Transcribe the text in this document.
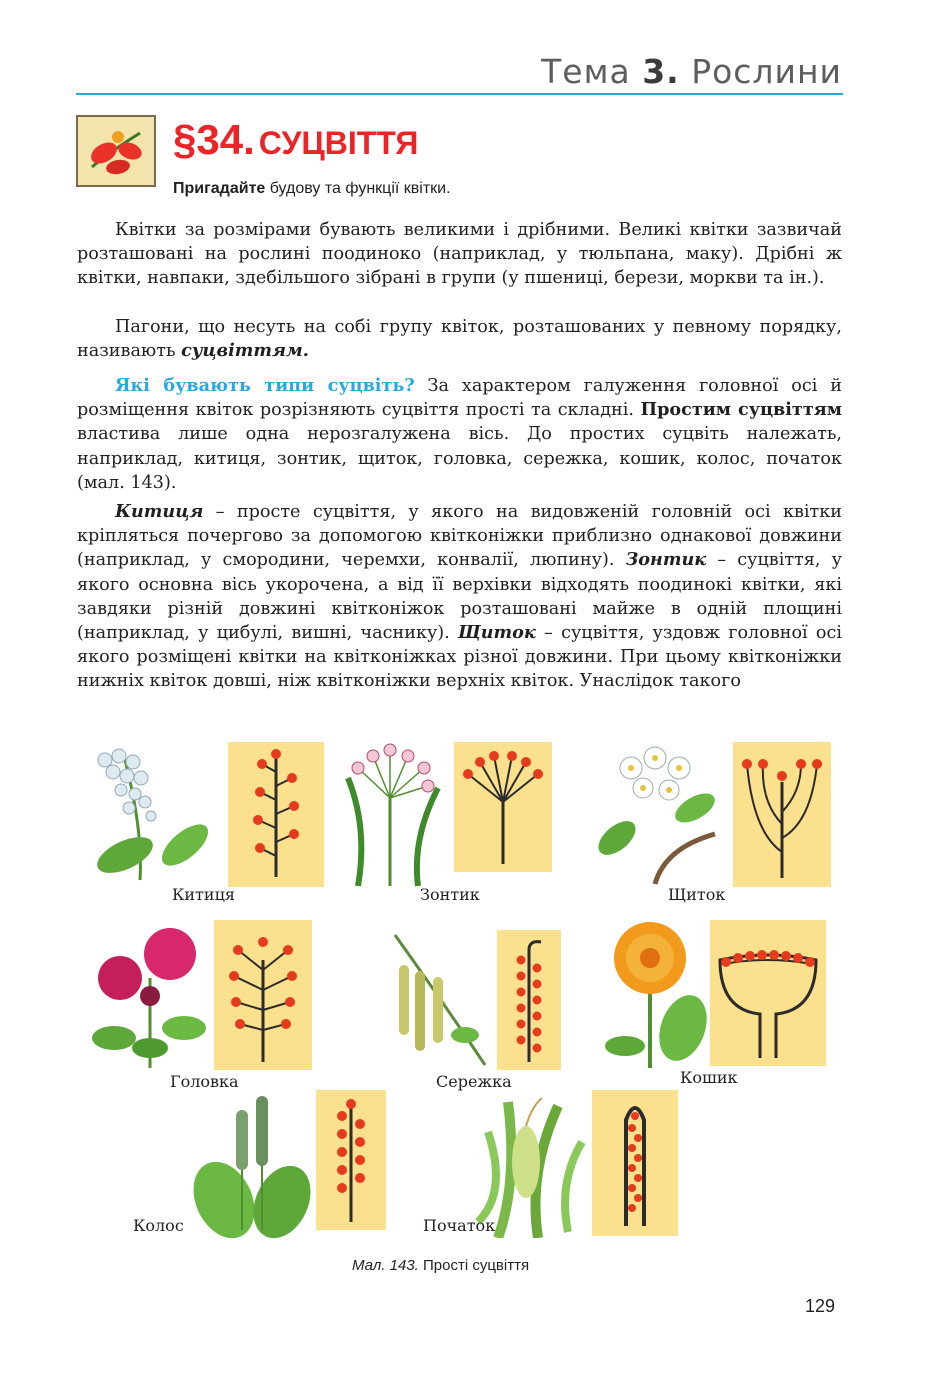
Тема 3. Рослини
§34. СУЦВІТТЯ
Пригадайте будову та функції квітки.
Квітки за розмірами бувають великими і дрібними. Великі квітки зазвичай розташовані на рослині поодиноко (наприклад, у тюльпана, маку). Дрібні ж квітки, навпаки, здебільшого зібрані в групи (у пшениці, берези, моркви та ін.).
Пагони, що несуть на собі групу квіток, розташованих у певному порядку, називають суцвіттям.
Які бувають типи суцвіть? За характером галуження головної осі й розміщення квіток розрізняють суцвіття прості та складні. Простим суцвіттям властива лише одна нерозгалужена вісь. До простих суцвіть належать, наприклад, китиця, зонтик, щиток, головка, сережка, кошик, колос, початок (мал. 143).
Китиця – просте суцвіття, у якого на видовженій головній осі квітки кріпляться почергово за допомогою квітконіжки приблизно однакової довжини (наприклад, у смородини, черемхи, конвалії, люпину). Зонтик – суцвіття, у якого основна вісь укорочена, а від її верхівки відходять поодинокі квітки, які завдяки різній довжині квітконіжок розташовані майже в одній площині (наприклад, у цибулі, вишні, часнику). Щиток – суцвіття, уздовж головної осі якого розміщені квітки на квітконіжках різної довжини. При цьому квітконіжки нижніх квіток довші, ніж квітконіжки верхніх квіток. Унаслідок такого
Китиця	Зонтик	Щиток
Головка	Сережка	Кошик
Колос	Початок
Мал. 143. Прості суцвіття
129
